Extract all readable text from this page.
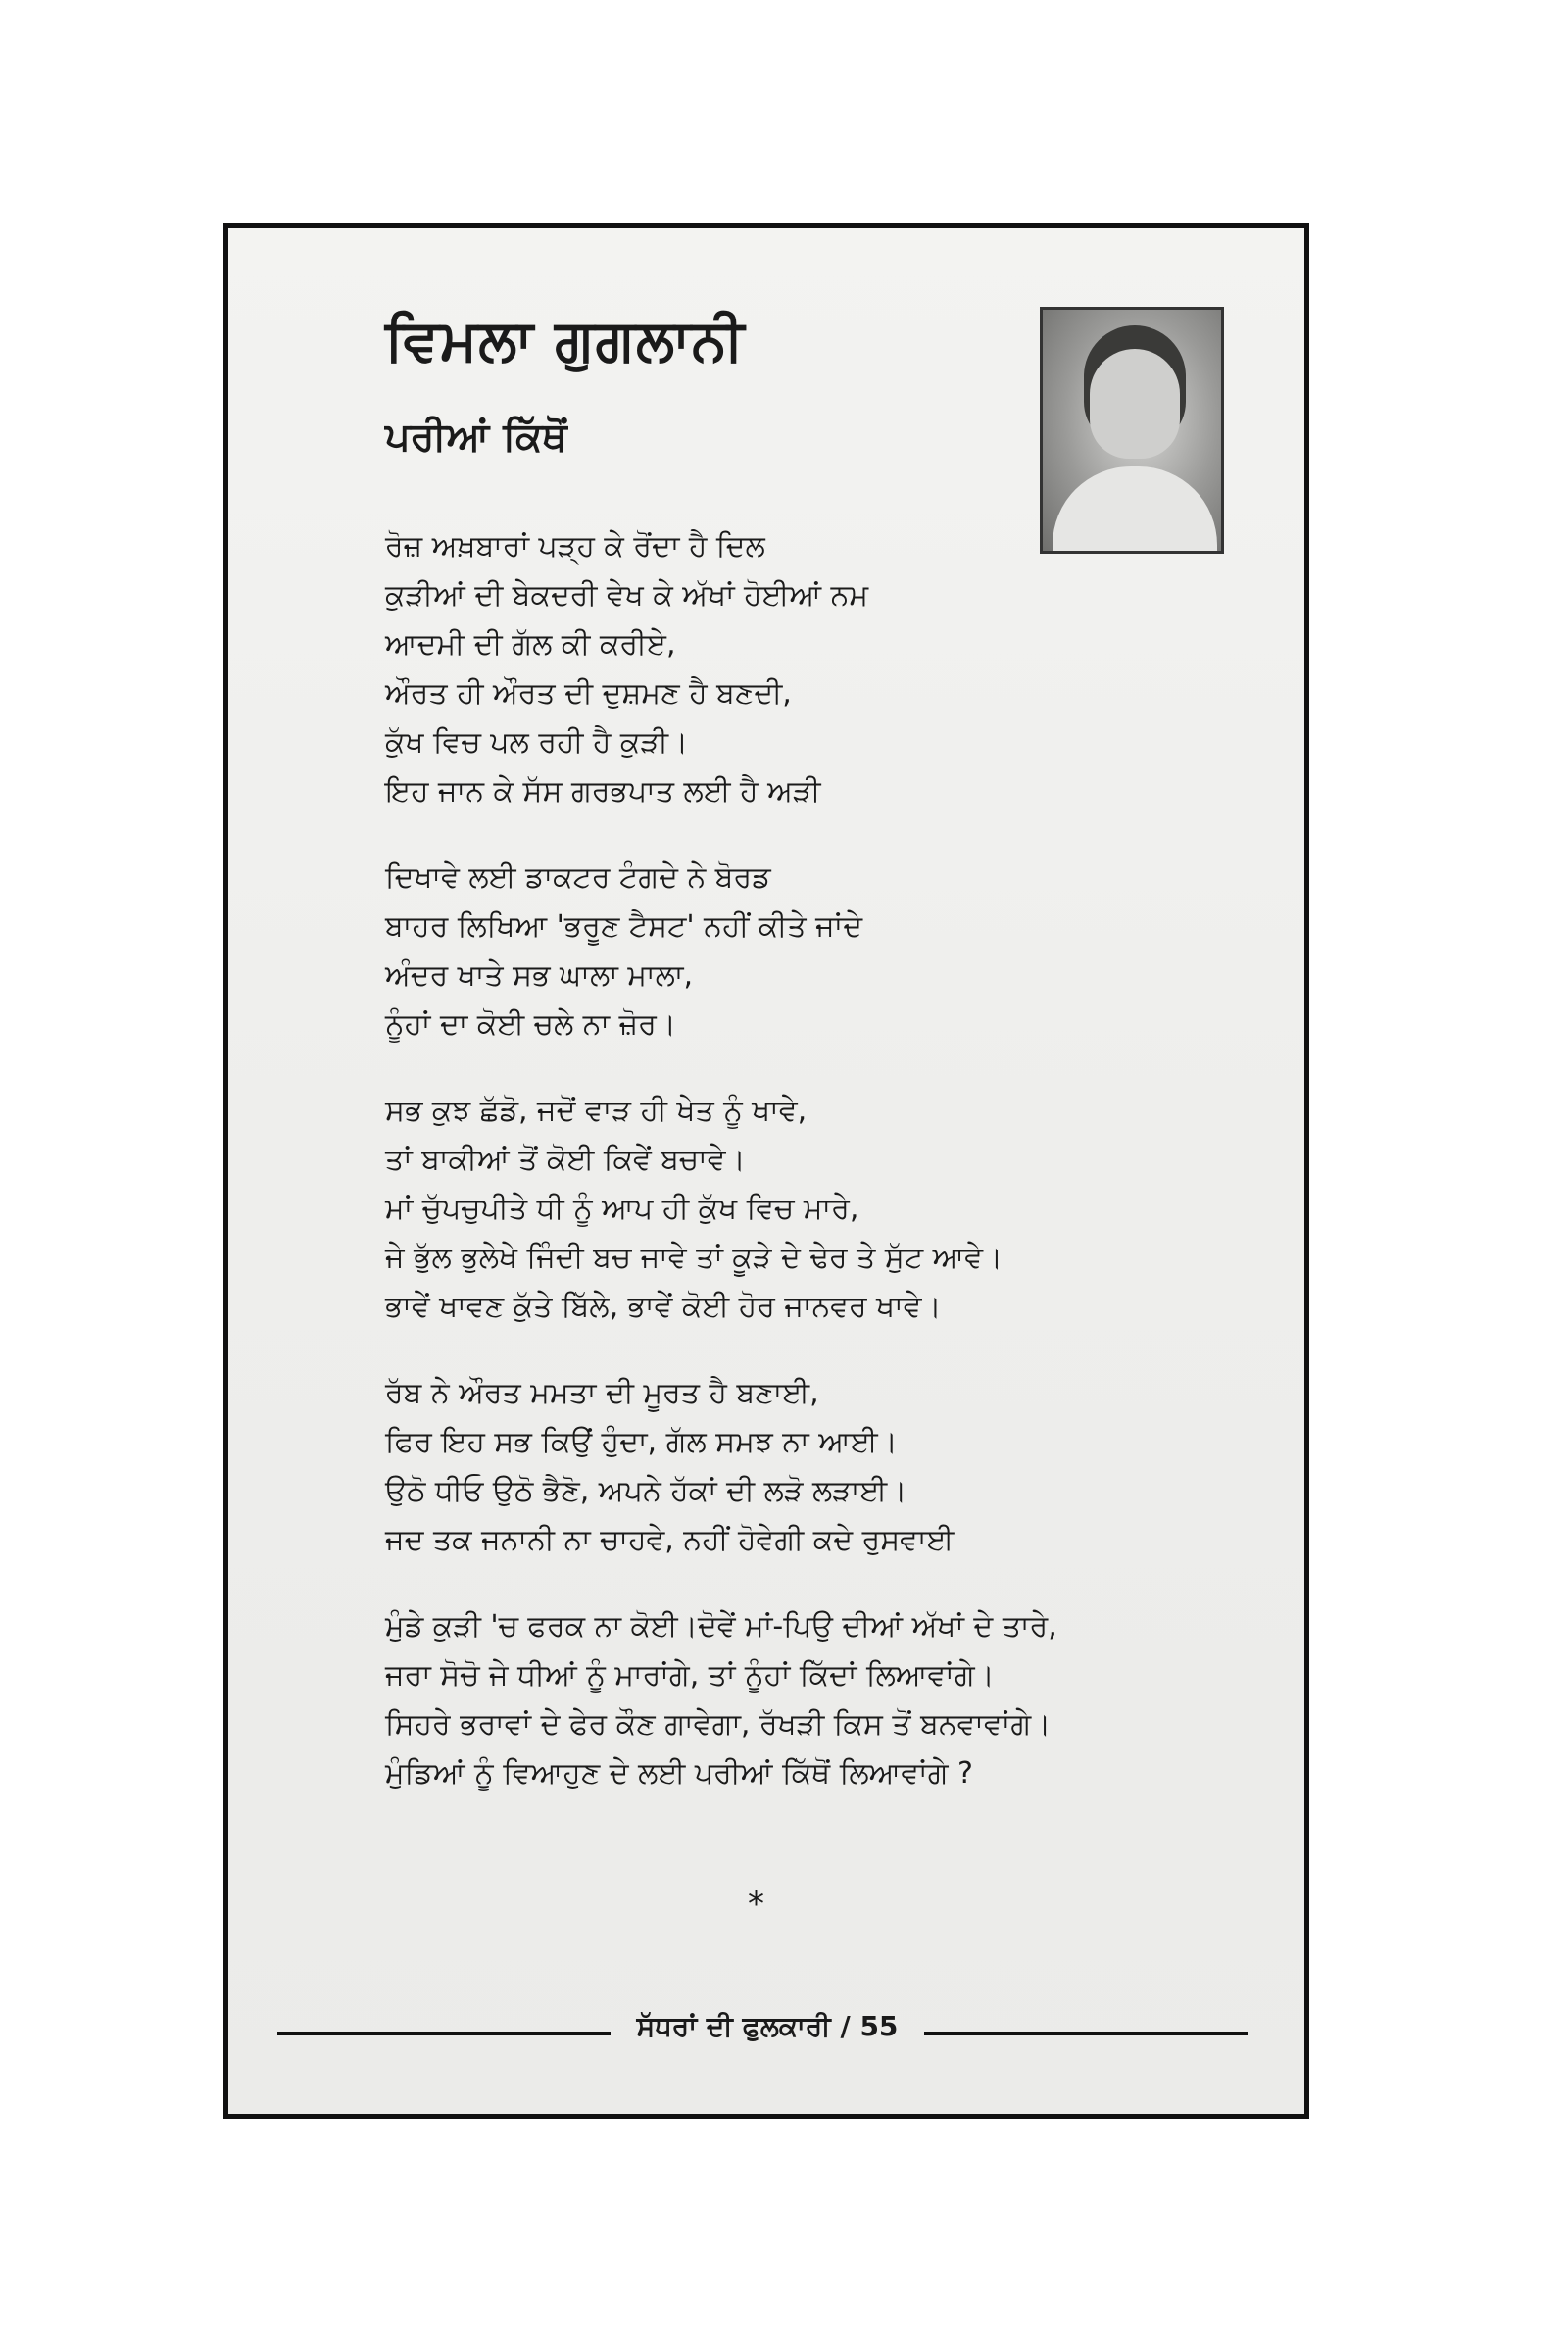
ਵਿਮਲਾ ਗੁਗਲਾਨੀ
ਪਰੀਆਂ ਕਿੱਥੋਂ
ਰੋਜ਼ ਅਖ਼ਬਾਰਾਂ ਪੜ੍ਹ ਕੇ ਰੋਂਦਾ ਹੈ ਦਿਲ
ਕੁੜੀਆਂ ਦੀ ਬੇਕਦਰੀ ਵੇਖ ਕੇ ਅੱਖਾਂ ਹੋਈਆਂ ਨਮ
ਆਦਮੀ ਦੀ ਗੱਲ ਕੀ ਕਰੀਏ,
ਔਰਤ ਹੀ ਔਰਤ ਦੀ ਦੁਸ਼ਮਣ ਹੈ ਬਣਦੀ,
ਕੁੱਖ ਵਿਚ ਪਲ ਰਹੀ ਹੈ ਕੁੜੀ।
ਇਹ ਜਾਨ ਕੇ ਸੱਸ ਗਰਭਪਾਤ ਲਈ ਹੈ ਅੜੀ
ਦਿਖਾਵੇ ਲਈ ਡਾਕਟਰ ਟੰਗਦੇ ਨੇ ਬੋਰਡ
ਬਾਹਰ ਲਿਖਿਆ 'ਭਰੂਣ ਟੈਸਟ' ਨਹੀਂ ਕੀਤੇ ਜਾਂਦੇ
ਅੰਦਰ ਖਾਤੇ ਸਭ ਘਾਲਾ ਮਾਲਾ,
ਨੂੰਹਾਂ ਦਾ ਕੋਈ ਚਲੇ ਨਾ ਜ਼ੋਰ।
ਸਭ ਕੁਝ ਛੱਡੋ, ਜਦੋਂ ਵਾੜ ਹੀ ਖੇਤ ਨੂੰ ਖਾਵੇ,
ਤਾਂ ਬਾਕੀਆਂ ਤੋਂ ਕੋਈ ਕਿਵੇਂ ਬਚਾਵੇ।
ਮਾਂ ਚੁੱਪਚੁਪੀਤੇ ਧੀ ਨੂੰ ਆਪ ਹੀ ਕੁੱਖ ਵਿਚ ਮਾਰੇ,
ਜੇ ਭੁੱਲ ਭੁਲੇਖੇ ਜਿੰਦੀ ਬਚ ਜਾਵੇ ਤਾਂ ਕੂੜੇ ਦੇ ਢੇਰ ਤੇ ਸੁੱਟ ਆਵੇ।
ਭਾਵੇਂ ਖਾਵਣ ਕੁੱਤੇ ਬਿੱਲੇ, ਭਾਵੇਂ ਕੋਈ ਹੋਰ ਜਾਨਵਰ ਖਾਵੇ।
ਰੱਬ ਨੇ ਔਰਤ ਮਮਤਾ ਦੀ ਮੂਰਤ ਹੈ ਬਣਾਈ,
ਫਿਰ ਇਹ ਸਭ ਕਿਉਂ ਹੁੰਦਾ, ਗੱਲ ਸਮਝ ਨਾ ਆਈ।
ਉਠੋ ਧੀਓ ਉਠੋ ਭੈਣੋ, ਅਪਨੇ ਹੱਕਾਂ ਦੀ ਲੜੋ ਲੜਾਈ।
ਜਦ ਤਕ ਜਨਾਨੀ ਨਾ ਚਾਹਵੇ, ਨਹੀਂ ਹੋਵੇਗੀ ਕਦੇ ਰੁਸਵਾਈ
ਮੁੰਡੇ ਕੁੜੀ 'ਚ ਫਰਕ ਨਾ ਕੋਈ।ਦੋਵੇਂ ਮਾਂ-ਪਿਉ ਦੀਆਂ ਅੱਖਾਂ ਦੇ ਤਾਰੇ,
ਜਰਾ ਸੋਚੋ ਜੇ ਧੀਆਂ ਨੂੰ ਮਾਰਾਂਗੇ, ਤਾਂ ਨੂੰਹਾਂ ਕਿੱਦਾਂ ਲਿਆਵਾਂਗੇ।
ਸਿਹਰੇ ਭਰਾਵਾਂ ਦੇ ਫੇਰ ਕੌਣ ਗਾਵੇਗਾ, ਰੱਖੜੀ ਕਿਸ ਤੋਂ ਬਨਵਾਵਾਂਗੇ।
ਮੁੰਡਿਆਂ ਨੂੰ ਵਿਆਹੁਣ ਦੇ ਲਈ ਪਰੀਆਂ ਕਿੱਥੋਂ ਲਿਆਵਾਂਗੇ ?
*
ਸੱਧਰਾਂ ਦੀ ਫੁਲਕਾਰੀ / 55
